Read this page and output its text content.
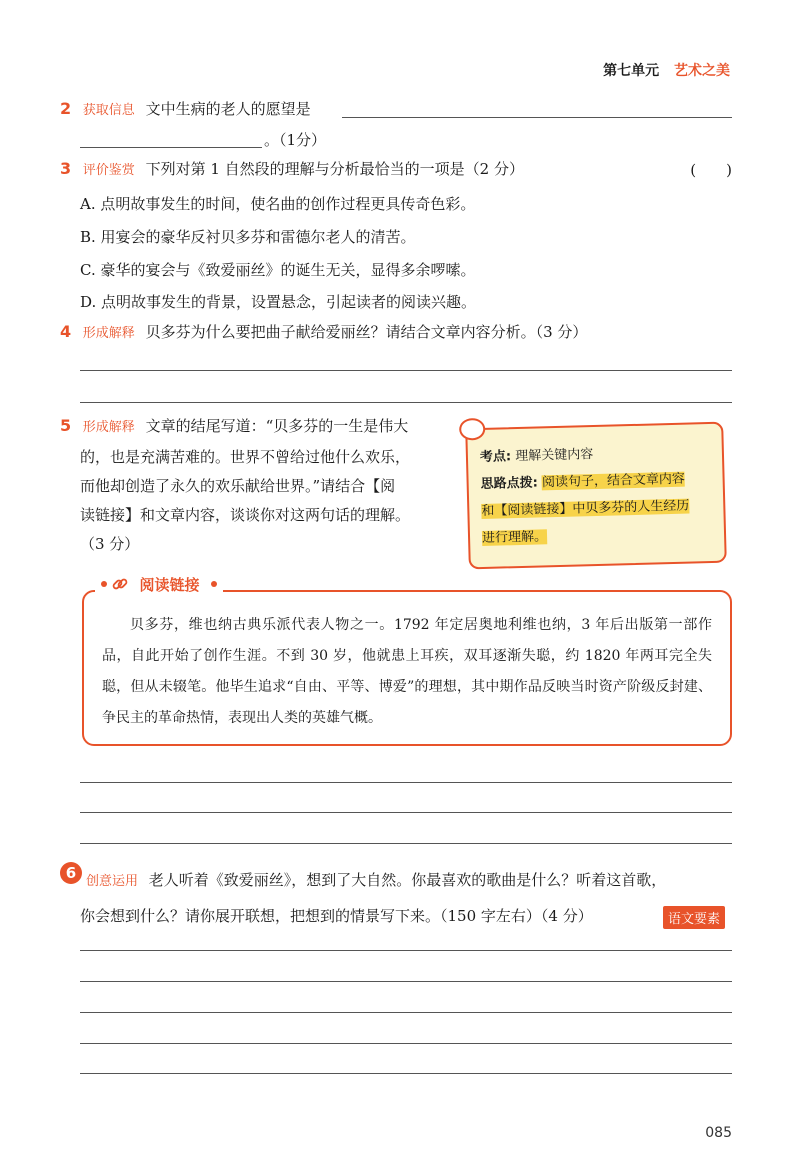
第七单元 艺术之美
2 获取信息 文中生病的老人的愿望是
。（1分）
3 评价鉴赏 下列对第 1 自然段的理解与分析最恰当的一项是（2 分）	(　　)
A. 点明故事发生的时间，使名曲的创作过程更具传奇色彩。
B. 用宴会的豪华反衬贝多芬和雷德尔老人的清苦。
C. 豪华的宴会与《致爱丽丝》的诞生无关，显得多余啰嗦。
D. 点明故事发生的背景，设置悬念，引起读者的阅读兴趣。
4 形成解释 贝多芬为什么要把曲子献给爱丽丝？请结合文章内容分析。（3 分）
5 形成解释 文章的结尾写道：“贝多芬的一生是伟大
的，也是充满苦难的。世界不曾给过他什么欢乐，
而他却创造了永久的欢乐献给世界。”请结合【阅
读链接】和文章内容，谈谈你对这两句话的理解。
（3 分）
考点: 理解关键内容
思路点拨: 阅读句子，结合文章内容
和【阅读链接】中贝多芬的人生经历
进行理解。
贝多芬，维也纳古典乐派代表人物之一。1792 年定居奥地利维也纳，3 年后出版第一部作品，自此开始了创作生涯。不到 30 岁，他就患上耳疾，双耳逐渐失聪，约 1820 年两耳完全失聪，但从未辍笔。他毕生追求“自由、平等、博爱”的理想，其中期作品反映当时资产阶级反封建、争民主的革命热情，表现出人类的英雄气概。
阅读链接
6 创意运用 老人听着《致爱丽丝》，想到了大自然。你最喜欢的歌曲是什么？听着这首歌，
你会想到什么？请你展开联想，把想到的情景写下来。（150 字左右）（4 分）	语文要素
085
